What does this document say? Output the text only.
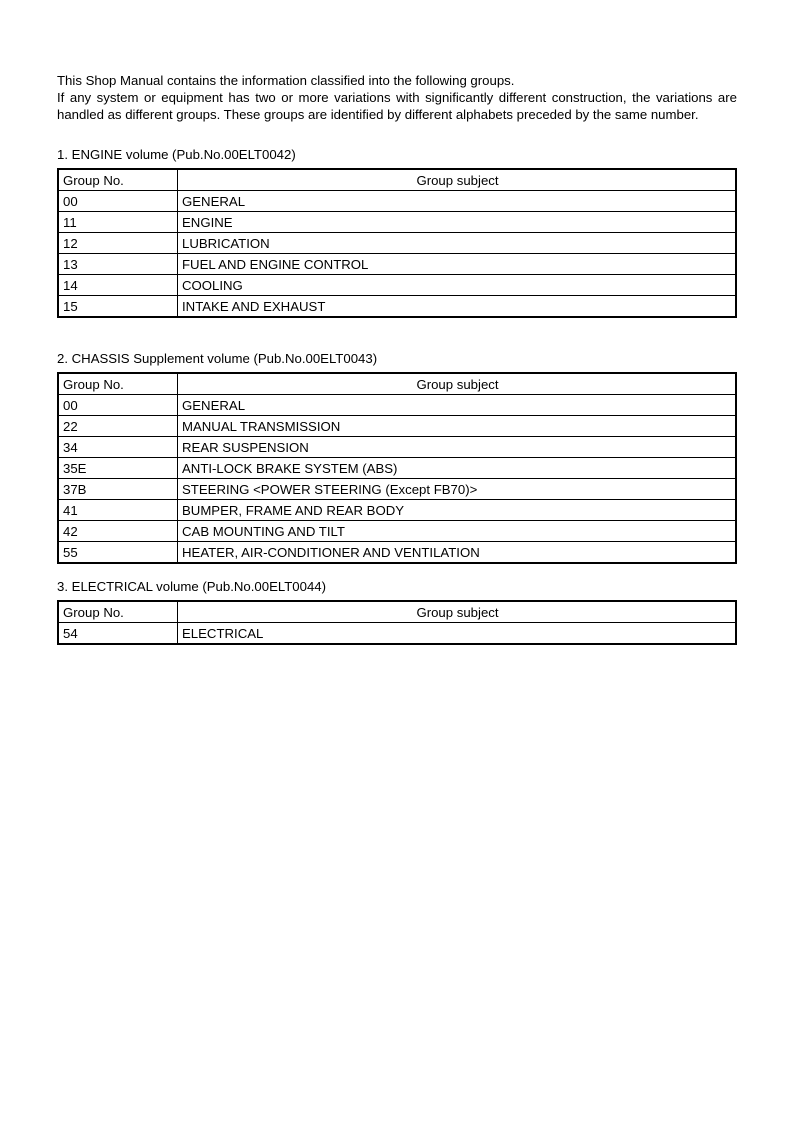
This Shop Manual contains the information classified into the following groups.

If any system or equipment has two or more variations with significantly different construction, the variations are handled as different groups. These groups are identified by different alphabets preceded by the same number.

1. ENGINE volume (Pub.No.00ELT0042)
Group No.	Group subject
00	GENERAL
11	ENGINE
12	LUBRICATION
13	FUEL AND ENGINE CONTROL
14	COOLING
15	INTAKE AND EXHAUST
2. CHASSIS Supplement volume (Pub.No.00ELT0043)
Group No.	Group subject
00	GENERAL
22	MANUAL TRANSMISSION
34	REAR SUSPENSION
35E	ANTI-LOCK BRAKE SYSTEM (ABS)
37B	STEERING <POWER STEERING (Except FB70)>
41	BUMPER, FRAME AND REAR BODY
42	CAB MOUNTING AND TILT
55	HEATER, AIR-CONDITIONER AND VENTILATION
3. ELECTRICAL volume (Pub.No.00ELT0044)
Group No.	Group subject
54	ELECTRICAL
